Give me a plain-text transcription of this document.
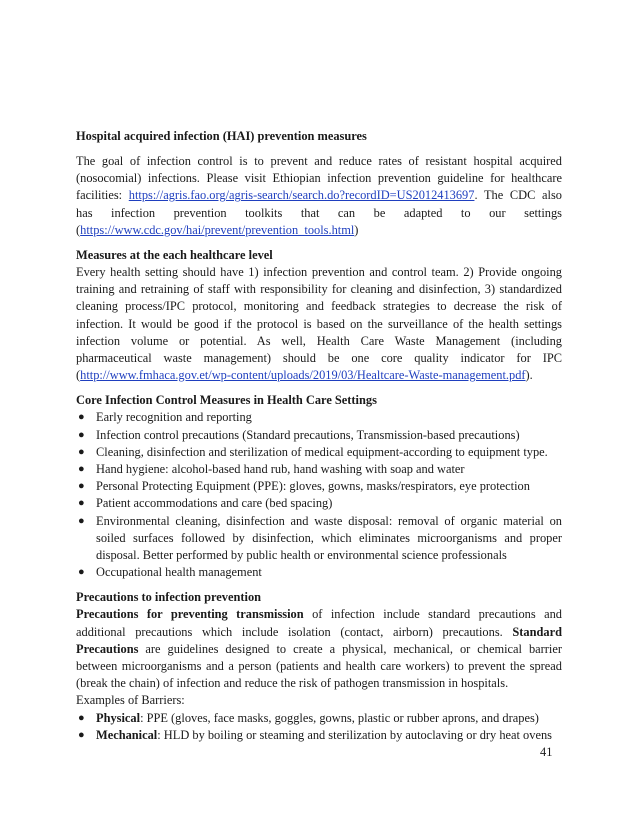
Hospital acquired infection (HAI) prevention measures

The goal of infection control is to prevent and reduce rates of resistant hospital acquired (nosocomial) infections. Please visit Ethiopian infection prevention guideline for healthcare facilities: https://agris.fao.org/agris-search/search.do?recordID=US2012413697. The CDC also has infection prevention toolkits that can be adapted to our settings (https://www.cdc.gov/hai/prevent/prevention_tools.html)

Measures at the each healthcare level

Every health setting should have 1) infection prevention and control team. 2) Provide ongoing training and retraining of staff with responsibility for cleaning and disinfection, 3) standardized cleaning process/IPC protocol, monitoring and feedback strategies to decrease the risk of infection. It would be good if the protocol is based on the surveillance of the health settings infection volume or potential. As well, Health Care Waste Management (including pharmaceutical waste management) should be one core quality indicator for IPC (http://www.fmhaca.gov.et/wp-content/uploads/2019/03/Healtcare-Waste-management.pdf).

Core Infection Control Measures in Health Care Settings

● Early recognition and reporting
● Infection control precautions (Standard precautions, Transmission-based precautions)
● Cleaning, disinfection and sterilization of medical equipment-according to equipment type.
● Hand hygiene: alcohol-based hand rub, hand washing with soap and water
● Personal Protecting Equipment (PPE): gloves, gowns, masks/respirators, eye protection
● Patient accommodations and care (bed spacing)
● Environmental cleaning, disinfection and waste disposal: removal of organic material on soiled surfaces followed by disinfection, which eliminates microorganisms and proper disposal. Better performed by public health or environmental science professionals
● Occupational health management

Precautions to infection prevention

Precautions for preventing transmission of infection include standard precautions and additional precautions which include isolation (contact, airborn) precautions. Standard Precautions are guidelines designed to create a physical, mechanical, or chemical barrier between microorganisms and a person (patients and health care workers) to prevent the spread (break the chain) of infection and reduce the risk of pathogen transmission in hospitals.

Examples of Barriers:

● Physical: PPE (gloves, face masks, goggles, gowns, plastic or rubber aprons, and drapes)
● Mechanical: HLD by boiling or steaming and sterilization by autoclaving or dry heat ovens
41
